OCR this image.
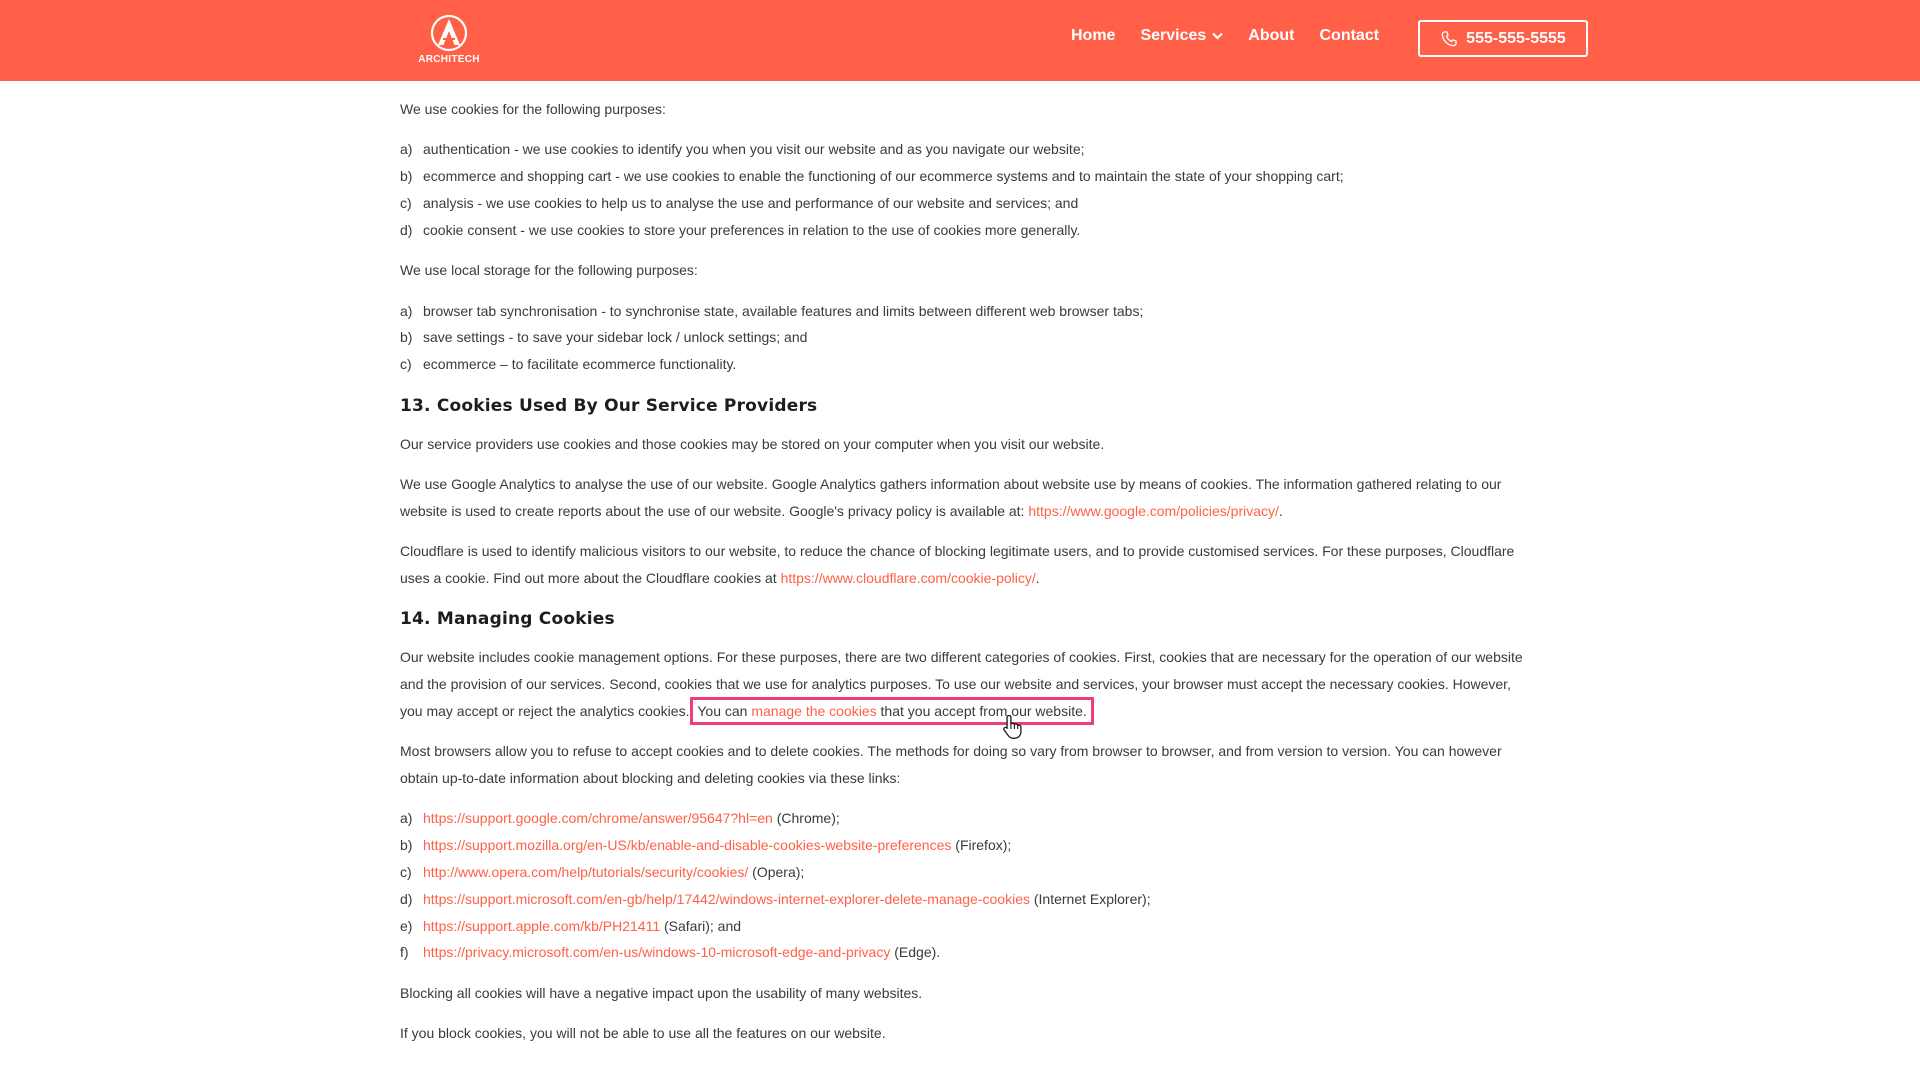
ARCHITECH
Home Services	About Contact	555-555-5555

We use cookies for the following purposes:

a) authentication - we use cookies to identify you when you visit our website and as you navigate our website;
b) ecommerce and shopping cart - we use cookies to enable the functioning of our ecommerce systems and to maintain the state of your shopping cart;
c) analysis - we use cookies to help us to analyse the use and performance of our website and services; and
d) cookie consent - we use cookies to store your preferences in relation to the use of cookies more generally.

We use local storage for the following purposes:

a) browser tab synchronisation - to synchronise state, available features and limits between different web browser tabs;
b) save settings - to save your sidebar lock / unlock settings; and
c) ecommerce – to facilitate ecommerce functionality.
13. Cookies Used By Our Service Providers

Our service providers use cookies and those cookies may be stored on your computer when you visit our website.

We use Google Analytics to analyse the use of our website. Google Analytics gathers information about website use by means of cookies. The information gathered relating to our website is used to create reports about the use of our website. Google's privacy policy is available at: https://www.google.com/policies/privacy/.

Cloudflare is used to identify malicious visitors to our website, to reduce the chance of blocking legitimate users, and to provide customised services. For these purposes, Cloudflare uses a cookie. Find out more about the Cloudflare cookies at https://www.cloudflare.com/cookie-policy/.

14. Managing Cookies

Our website includes cookie management options. For these purposes, there are two different categories of cookies. First, cookies that are necessary for the operation of our website and the provision of our services. Second, cookies that we use for analytics purposes. To use our website and services, your browser must accept the necessary cookies. However, you may accept or reject the analytics cookies. You can manage the cookies that you accept from our website.

Most browsers allow you to refuse to accept cookies and to delete cookies. The methods for doing so vary from browser to browser, and from version to version. You can however obtain up-to-date information about blocking and deleting cookies via these links:

a) https://support.google.com/chrome/answer/95647?hl=en (Chrome);
b) https://support.mozilla.org/en-US/kb/enable-and-disable-cookies-website-preferences (Firefox);
c) http://www.opera.com/help/tutorials/security/cookies/ (Opera);
d) https://support.microsoft.com/en-gb/help/17442/windows-internet-explorer-delete-manage-cookies (Internet Explorer);
e) https://support.apple.com/kb/PH21411 (Safari); and
f) https://privacy.microsoft.com/en-us/windows-10-microsoft-edge-and-privacy (Edge).

Blocking all cookies will have a negative impact upon the usability of many websites.

If you block cookies, you will not be able to use all the features on our website.
